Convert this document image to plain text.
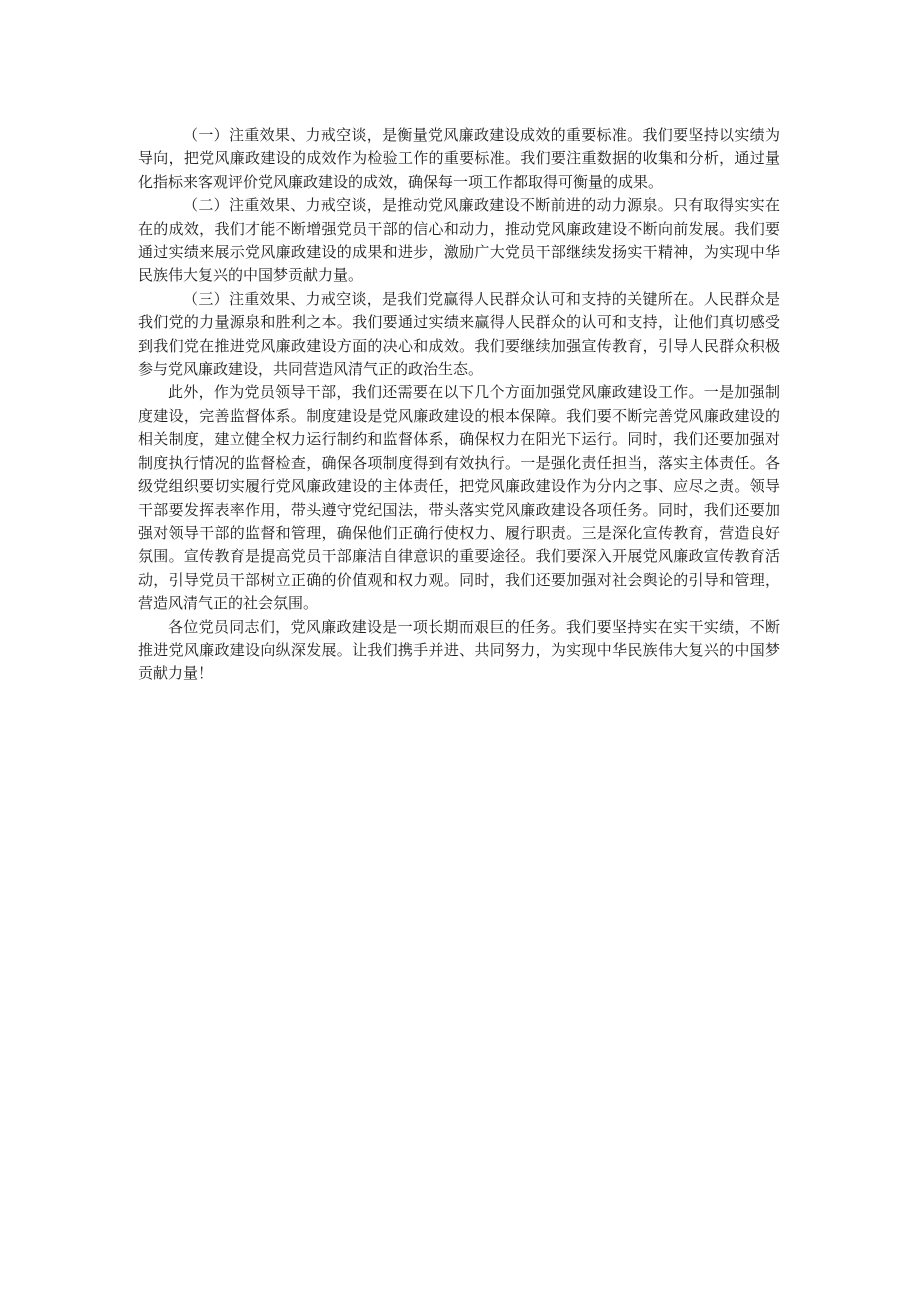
（一）注重效果、力戒空谈，是衡量党风廉政建设成效的重要标准。我们要坚持以实绩为导向，把党风廉政建设的成效作为检验工作的重要标准。我们要注重数据的收集和分析，通过量化指标来客观评价党风廉政建设的成效，确保每一项工作都取得可衡量的成果。

（二）注重效果、力戒空谈，是推动党风廉政建设不断前进的动力源泉。只有取得实实在在的成效，我们才能不断增强党员干部的信心和动力，推动党风廉政建设不断向前发展。我们要通过实绩来展示党风廉政建设的成果和进步，激励广大党员干部继续发扬实干精神，为实现中华民族伟大复兴的中国梦贡献力量。

（三）注重效果、力戒空谈，是我们党赢得人民群众认可和支持的关键所在。人民群众是我们党的力量源泉和胜利之本。我们要通过实绩来赢得人民群众的认可和支持，让他们真切感受到我们党在推进党风廉政建设方面的决心和成效。我们要继续加强宣传教育，引导人民群众积极参与党风廉政建设，共同营造风清气正的政治生态。

此外，作为党员领导干部，我们还需要在以下几个方面加强党风廉政建设工作。一是加强制度建设，完善监督体系。制度建设是党风廉政建设的根本保障。我们要不断完善党风廉政建设的相关制度，建立健全权力运行制约和监督体系，确保权力在阳光下运行。同时，我们还要加强对制度执行情况的监督检查，确保各项制度得到有效执行。一是强化责任担当，落实主体责任。各级党组织要切实履行党风廉政建设的主体责任，把党风廉政建设作为分内之事、应尽之责。领导干部要发挥表率作用，带头遵守党纪国法，带头落实党风廉政建设各项任务。同时，我们还要加强对领导干部的监督和管理，确保他们正确行使权力、履行职责。三是深化宣传教育，营造良好氛围。宣传教育是提高党员干部廉洁自律意识的重要途径。我们要深入开展党风廉政宣传教育活动，引导党员干部树立正确的价值观和权力观。同时，我们还要加强对社会舆论的引导和管理，营造风清气正的社会氛围。

各位党员同志们，党风廉政建设是一项长期而艰巨的任务。我们要坚持实在实干实绩，不断推进党风廉政建设向纵深发展。让我们携手并进、共同努力，为实现中华民族伟大复兴的中国梦贡献力量！
